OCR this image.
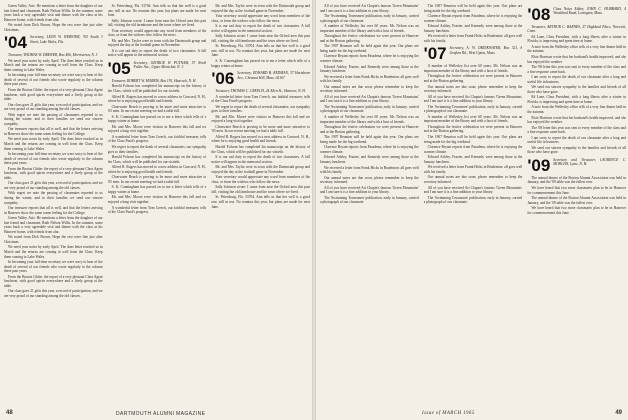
Green Valley. Ariz. He mentions a letter from the daughter of our late friend and classmate, Ruth Nelson Willis. In the summer, some years back a very agreeable visit and dinner with the class at his Hanover home, with friends from afar.

We noted from Dick Brown, Hope the rest were fine just after Christmas.

'04 Secretary, LEON W. WEBSTER, 763 South 3 Street, Lake Wales, Fla.

Treasurer, THOMAS W. DREWER, Box 406, Morristown, N. J.

We need your notes by early April. The dues letter reached us in March and the returns are coming in well from the Class. Keep them coming to Lake Wales.

In becoming your full-time secretary we were sorry to hear of the death of several of our friends who wrote regularly to the column these past years.

From the Boston Globe: the report of a very pleasant Class Agent luncheon, with good spirits everywhere and a lively group at the table.

Our class gave 21 gifts this year, a record of participation, and we are very proud of our standing among the old classes.

With regret we note the passing of classmates reported to us during the winter, and to their families we send our sincere sympathy.

Our treasurer reports that all is well, and that the letters arriving in Hanover show the same warm feeling for the College.

We need your notes by early April. The dues letter reached us in March and the returns are coming in well from the Class. Keep them coming to Lake Wales.

In becoming your full-time secretary we were sorry to hear of the death of several of our friends who wrote regularly to the column these past years.

From the Boston Globe: the report of a very pleasant Class Agent luncheon, with good spirits everywhere and a lively group at the table.

Our class gave 21 gifts this year, a record of participation, and we are very proud of our standing among the old classes.

With regret we note the passing of classmates reported to us during the winter, and to their families we send our sincere sympathy.

Our treasurer reports that all is well, and that the letters arriving in Hanover show the same warm feeling for the College.

Green Valley. Ariz. He mentions a letter from the daughter of our late friend and classmate, Ruth Nelson Willis. In the summer, some years back a very agreeable visit and dinner with the class at his Hanover home, with friends from afar.

We noted from Dick Brown, Hope the rest were fine just after Christmas.

We need your notes by early April. The dues letter reached us in March and the returns are coming in well from the Class. Keep them coming to Lake Wales.

In becoming your full-time secretary we were sorry to hear of the death of several of our friends who wrote regularly to the column these past years.

From the Boston Globe: the report of a very pleasant Class Agent luncheon, with good spirits everywhere and a lively group at the table.

Our class gave 21 gifts this year, a record of participation, and we are very proud of our standing among the old classes.

St. Petersburg, Fla. 33704. Ann tells us that her well is a good one, still in use. No reunion this year, but plans are made for next June.

Sally Johnson wrote: I came from near the Orford area this past fall, visiting the old farmhouse and the town where we lived.

Your secretary would appreciate any word from members of the class, or from the widows who follow the news.

Mr. and Mrs. Taylor were in town with the Dartmouth group and enjoyed the day at the football game in November.

It is our sad duty to report the death of two classmates. A full notice will appear in the memorial section.

'05 Secretary, GEORGE W. PUTNAM, 57 North Fuller Ave., Upper Montclair, N. J.

Treasurer, ROBERT W. MORRIS, Box 191, Hancock, N. H.

Harold Folsom has completed his manuscript on the history of the Class, which will be published for our sixtieth.

Alfred B. Rogers has moved to a new address in Concord, N. H., where he is enjoying good health and friends.

Clearwater Beach is proving to be more and more attractive to '05 men. In our recent meeting we had a table full.

S. K. Cunningham has passed on to me a letter which tells of a happy winter at home.

Mr. and Mrs. Moore were visitors in Hanover this fall and we enjoyed a long visit together.

A wonderful letter from Tom Creech, our faithful treasurer, tells of the Class Fund's progress.

We regret to report the death of several classmates; our sympathy goes to their families.

Harold Folsom has completed his manuscript on the history of the Class, which will be published for our sixtieth.

Alfred B. Rogers has moved to a new address in Concord, N. H., where he is enjoying good health and friends.

Clearwater Beach is proving to be more and more attractive to '05 men. In our recent meeting we had a table full.

S. K. Cunningham has passed on to me a letter which tells of a happy winter at home.

Mr. and Mrs. Moore were visitors in Hanover this fall and we enjoyed a long visit together.

A wonderful letter from Tom Creech, our faithful treasurer, tells of the Class Fund's progress.

Mr. and Mrs. Taylor were in town with the Dartmouth group and enjoyed the day at the football game in November.

Your secretary would appreciate any word from members of the class, or from the widows who follow the news.

It is our sad duty to report the death of two classmates. A full notice will appear in the memorial section.

Sally Johnson wrote: I came from near the Orford area this past fall, visiting the old farmhouse and the town where we lived.

St. Petersburg, Fla. 33704. Ann tells us that her well is a good one, still in use. No reunion this year, but plans are made for next June.

S. K. Cunningham has passed on to me a letter which tells of a happy winter at home.

'06 Secretary, EDWARD B. REDMAN, 37 Hartshorn Ave., Chestnut Hill, Mass. 02167

Treasurer, THOMAS C. CREECH, 24 Allen St., Hanover, N. H.

A wonderful letter from Tom Creech, our faithful treasurer, tells of the Class Fund's progress.

We regret to report the death of several classmates; our sympathy goes to their families.

Mr. and Mrs. Moore were visitors in Hanover this fall and we enjoyed a long visit together.

Clearwater Beach is proving to be more and more attractive to '05 men. In our recent meeting we had a table full.

Alfred B. Rogers has moved to a new address in Concord, N. H., where he is enjoying good health and friends.

Harold Folsom has completed his manuscript on the history of the Class, which will be published for our sixtieth.

It is our sad duty to report the death of two classmates. A full notice will appear in the memorial section.

Mr. and Mrs. Taylor were in town with the Dartmouth group and enjoyed the day at the football game in November.

Your secretary would appreciate any word from members of the class, or from the widows who follow the news.

Sally Johnson wrote: I came from near the Orford area this past fall, visiting the old farmhouse and the town where we lived.

St. Petersburg, Fla. 33704. Ann tells us that her well is a good one, still in use. No reunion this year, but plans are made for next June.

All of you have received Art Chapin's famous 'Green Mountains' and I am sure it is a fine addition to your library.

The 'Swimming Townsmen' publication, early in January, carried a photograph of our classmate.

A number of Wellesley list over 60 years. Mr. Nelson was an important member of the library and with a host of friends.

Throughout the festive celebration we were present in Hanover and at the Boston gathering.

The 1907 Reunion will be held again this year. Our plans are being made for the big weekend.

Clarence Bryant reports from Pasadena, where he is enjoying the warmer climate.

Edward Ashley, Frazier, and Kennedy were among those at the January luncheon.

We received a letter from Frank Hicks in Bradenton: all goes well with his family.

Our annual notes are due soon; please remember to keep the secretary informed.

All of you have received Art Chapin's famous 'Green Mountains' and I am sure it is a fine addition to your library.

The 'Swimming Townsmen' publication, early in January, carried a photograph of our classmate.

A number of Wellesley list over 60 years. Mr. Nelson was an important member of the library and with a host of friends.

Throughout the festive celebration we were present in Hanover and at the Boston gathering.

The 1907 Reunion will be held again this year. Our plans are being made for the big weekend.

Clarence Bryant reports from Pasadena, where he is enjoying the warmer climate.

Edward Ashley, Frazier, and Kennedy were among those at the January luncheon.

We received a letter from Frank Hicks in Bradenton: all goes well with his family.

Our annual notes are due soon; please remember to keep the secretary informed.

All of you have received Art Chapin's famous 'Green Mountains' and I am sure it is a fine addition to your library.

The 'Swimming Townsmen' publication, early in January, carried a photograph of our classmate.

The 1907 Reunion will be held again this year. Our plans are being made for the big weekend.

Clarence Bryant reports from Pasadena, where he is enjoying the warmer climate.

Edward Ashley, Frazier, and Kennedy were among those at the January luncheon.

We received a letter from Frank Hicks in Bradenton: all goes well with his family.

'07 Secretary, A. W. DRINKWATER, Box 321, 8 Grafton Rd., West Upton, Mass.

A number of Wellesley list over 60 years. Mr. Nelson was an important member of the library and with a host of friends.

Throughout the festive celebration we were present in Hanover and at the Boston gathering.

Our annual notes are due soon; please remember to keep the secretary informed.

All of you have received Art Chapin's famous 'Green Mountains' and I am sure it is a fine addition to your library.

The 'Swimming Townsmen' publication, early in January, carried a photograph of our classmate.

A number of Wellesley list over 60 years. Mr. Nelson was an important member of the library and with a host of friends.

Throughout the festive celebration we were present in Hanover and at the Boston gathering.

The 1907 Reunion will be held again this year. Our plans are being made for the big weekend.

Clarence Bryant reports from Pasadena, where he is enjoying the warmer climate.

Edward Ashley, Frazier, and Kennedy were among those at the January luncheon.

We received a letter from Frank Hicks in Bradenton: all goes well with his family.

Our annual notes are due soon; please remember to keep the secretary informed.

All of you have received Art Chapin's famous 'Green Mountains' and I am sure it is a fine addition to your library.

The 'Swimming Townsmen' publication, early in January, carried a photograph of our classmate.

'08 Class Notes Editor, JOHN C. HUBBARD, 4 Woodland Road, Lexington, Mass.

Treasurer, ARTHUR C. BARNES, 27 Highland Place, Norwich, Conn.

Ed Lane, Class President, with a long illness after a winter in Florida, is improving and spent time at home.

A note from the Wellesley office tells of a very fine dinner held in the autumn.

Elsie Harrison wrote that her husband's health improved, and she has enjoyed the weather.

The '08 letter this year was sent to every member of the class and a fine response came back.

I am sorry to report the death of our classmate after a long and useful life in business.

We send our sincere sympathy to the families and friends of all those who have gone.

Ed Lane, Class President, with a long illness after a winter in Florida, is improving and spent time at home.

A note from the Wellesley office tells of a very fine dinner held in the autumn.

Elsie Harrison wrote that her husband's health improved, and she has enjoyed the weather.

The '08 letter this year was sent to every member of the class and a fine response came back.

I am sorry to report the death of our classmate after a long and useful life in business.

We send our sincere sympathy to the families and friends of all those who have gone.

'09 Secretary and Treasurer, LAURENCE C. MORGAN, Lyme, N. H.

The annual dinner of the Boston Alumni Association was held in January, and the '09 table was the fullest ever.

We have heard that two more classmates plan to be in Hanover for commencement this June.

The annual dinner of the Boston Alumni Association was held in January, and the '09 table was the fullest ever.

We have heard that two more classmates plan to be in Hanover for commencement this June.

48	DARTMOUTH ALUMNI MAGAZINE	Issue of MARCH 1965	49
